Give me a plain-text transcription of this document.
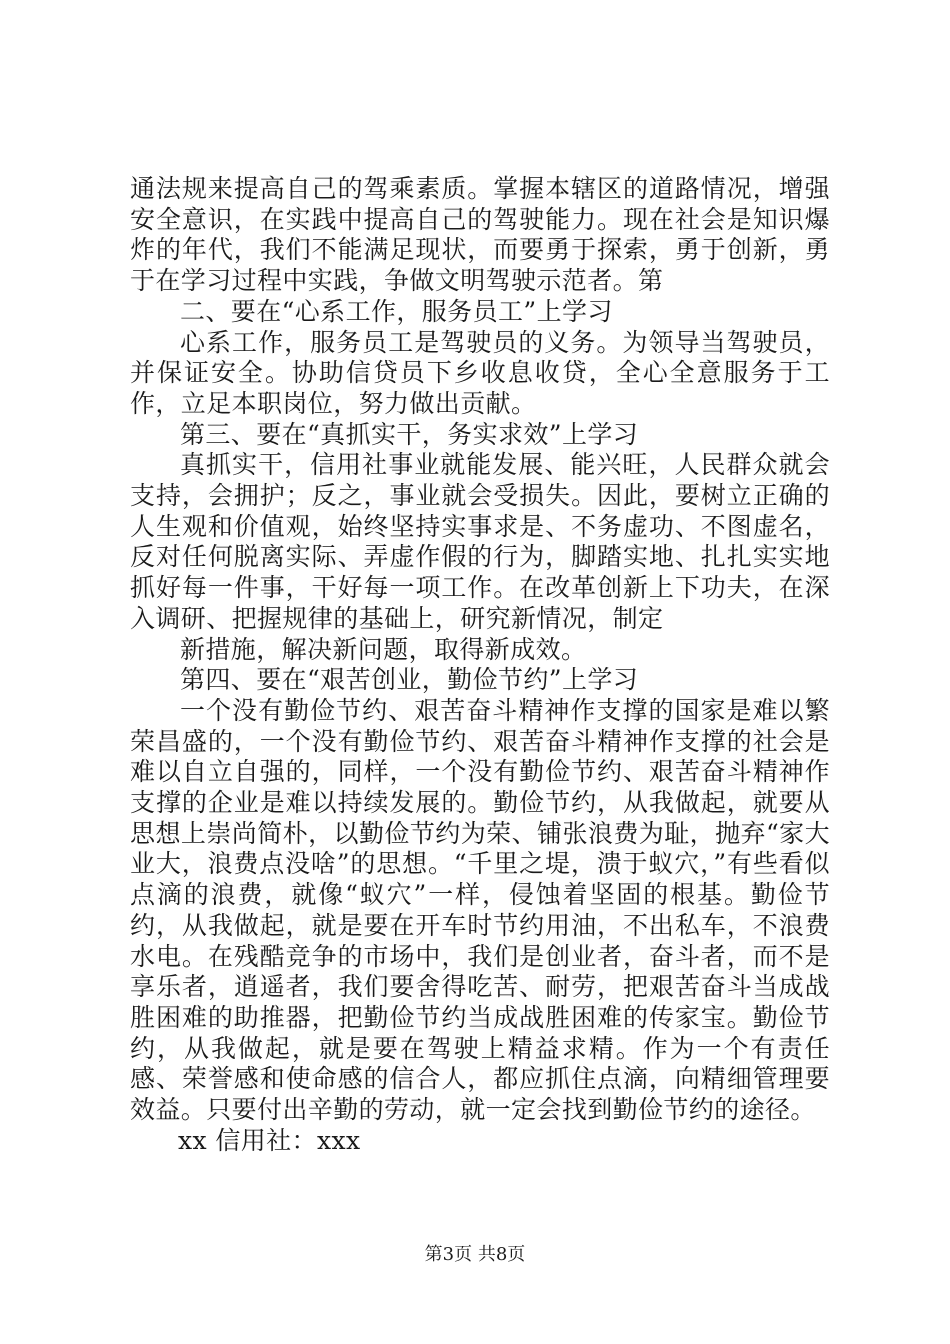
通法规来提高自己的驾乘素质。掌握本辖区的道路情况，增强安全意识，在实践中提高自己的驾驶能力。现在社会是知识爆炸的年代，我们不能满足现状，而要勇于探索，勇于创新，勇于在学习过程中实践，争做文明驾驶示范者。第

二、要在“心系工作，服务员工”上学习

心系工作，服务员工是驾驶员的义务。为领导当驾驶员，并保证安全。协助信贷员下乡收息收贷，全心全意服务于工作，立足本职岗位，努力做出贡献。

第三、要在“真抓实干，务实求效”上学习

真抓实干，信用社事业就能发展、能兴旺，人民群众就会支持，会拥护；反之，事业就会受损失。因此，要树立正确的人生观和价值观，始终坚持实事求是、不务虚功、不图虚名，反对任何脱离实际、弄虚作假的行为，脚踏实地、扎扎实实地抓好每一件事，干好每一项工作。在改革创新上下功夫，在深入调研、把握规律的基础上，研究新情况，制定

新措施，解决新问题，取得新成效。

第四、要在“艰苦创业，勤俭节约”上学习

一个没有勤俭节约、艰苦奋斗精神作支撑的国家是难以繁荣昌盛的，一个没有勤俭节约、艰苦奋斗精神作支撑的社会是难以自立自强的，同样，一个没有勤俭节约、艰苦奋斗精神作支撑的企业是难以持续发展的。勤俭节约，从我做起，就要从思想上崇尚简朴，以勤俭节约为荣、铺张浪费为耻，抛弃“家大业大，浪费点没啥”的思想。“千里之堤，溃于蚁穴，”有些看似点滴的浪费，就像“蚁穴”一样，侵蚀着坚固的根基。勤俭节约，从我做起，就是要在开车时节约用油，不出私车，不浪费水电。在残酷竞争的市场中，我们是创业者，奋斗者，而不是享乐者，逍遥者，我们要舍得吃苦、耐劳，把艰苦奋斗当成战胜困难的助推器，把勤俭节约当成战胜困难的传家宝。勤俭节约，从我做起，就是要在驾驶上精益求精。作为一个有责任感、荣誉感和使命感的信合人，都应抓住点滴，向精细管理要效益。只要付出辛勤的劳动，就一定会找到勤俭节约的途径。

xx 信用社：xxx

第3页 共8页
